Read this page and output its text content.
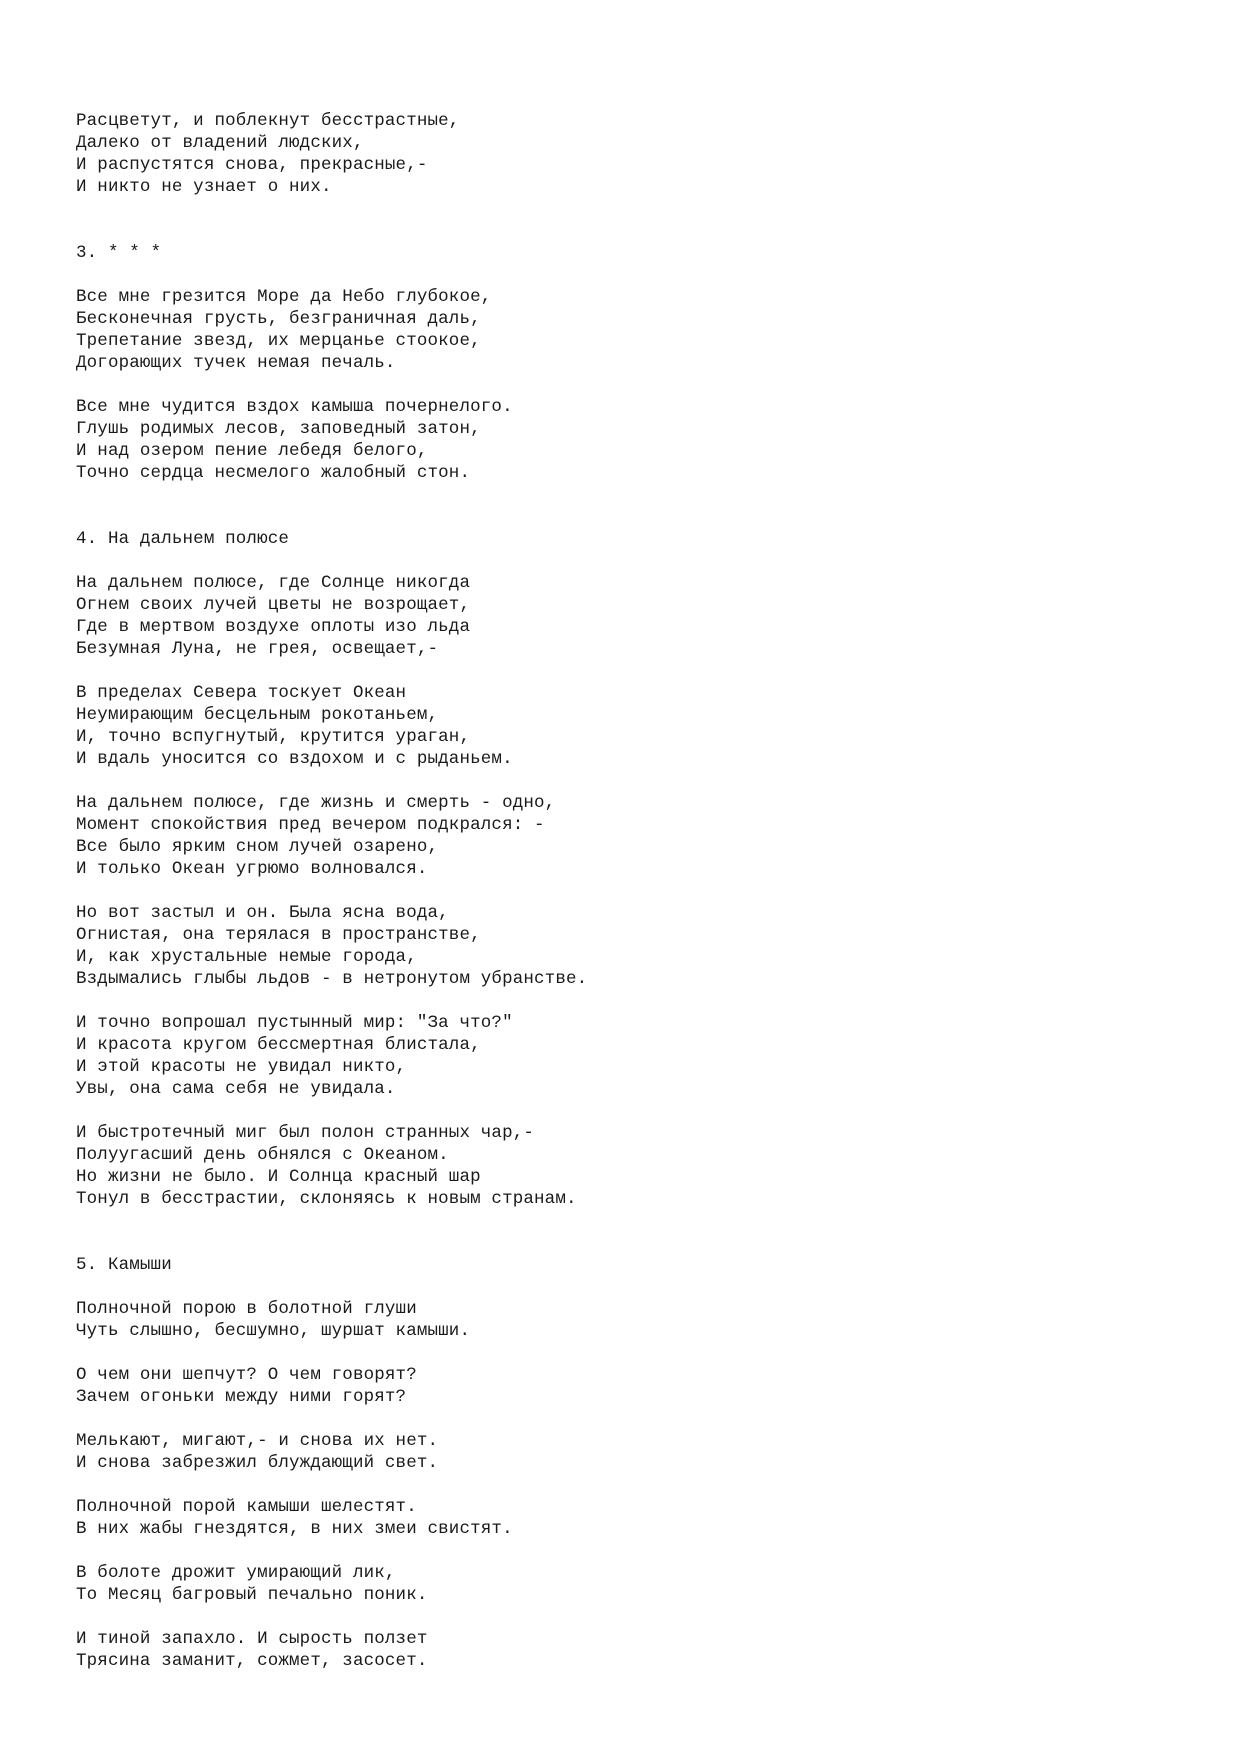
Расцветут, и поблекнут бесстрастные,
Далеко от владений людских,
И распустятся снова, прекрасные,-
И никто не узнает о них.
3. * * *
Все мне грезится Море да Небо глубокое,
Бесконечная грусть, безграничная даль,
Трепетание звезд, их мерцанье стоокое,
Догорающих тучек немая печаль.
Все мне чудится вздох камыша почернелого.
Глушь родимых лесов, заповедный затон,
И над озером пение лебедя белого,
Точно сердца несмелого жалобный стон.
4. На дальнем полюсе
На дальнем полюсе, где Солнце никогда
Огнем своих лучей цветы не возрощает,
Где в мертвом воздухе оплоты изо льда
Безумная Луна, не грея, освещает,-
В пределах Севера тоскует Океан
Неумирающим бесцельным рокотаньем,
И, точно вспугнутый, крутится ураган,
И вдаль уносится со вздохом и с рыданьем.
На дальнем полюсе, где жизнь и смерть - одно,
Момент спокойствия пред вечером подкрался: -
Все было ярким сном лучей озарено,
И только Океан угрюмо волновался.
Но вот застыл и он. Была ясна вода,
Огнистая, она терялася в пространстве,
И, как хрустальные немые города,
Вздымались глыбы льдов - в нетронутом убранстве.
И точно вопрошал пустынный мир: "За что?"
И красота кругом бессмертная блистала,
И этой красоты не увидал никто,
Увы, она сама себя не увидала.
И быстротечный миг был полон странных чар,-
Полуугасший день обнялся с Океаном.
Но жизни не было. И Солнца красный шар
Тонул в бесстрастии, склоняясь к новым странам.
5. Камыши
Полночной порою в болотной глуши
Чуть слышно, бесшумно, шуршат камыши.
О чем они шепчут? О чем говорят?
Зачем огоньки между ними горят?
Мелькают, мигают,- и снова их нет.
И снова забрезжил блуждающий свет.
Полночной порой камыши шелестят.
В них жабы гнездятся, в них змеи свистят.
В болоте дрожит умирающий лик,
То Месяц багровый печально поник.
И тиной запахло. И сырость ползет
Трясина заманит, сожмет, засосет.
